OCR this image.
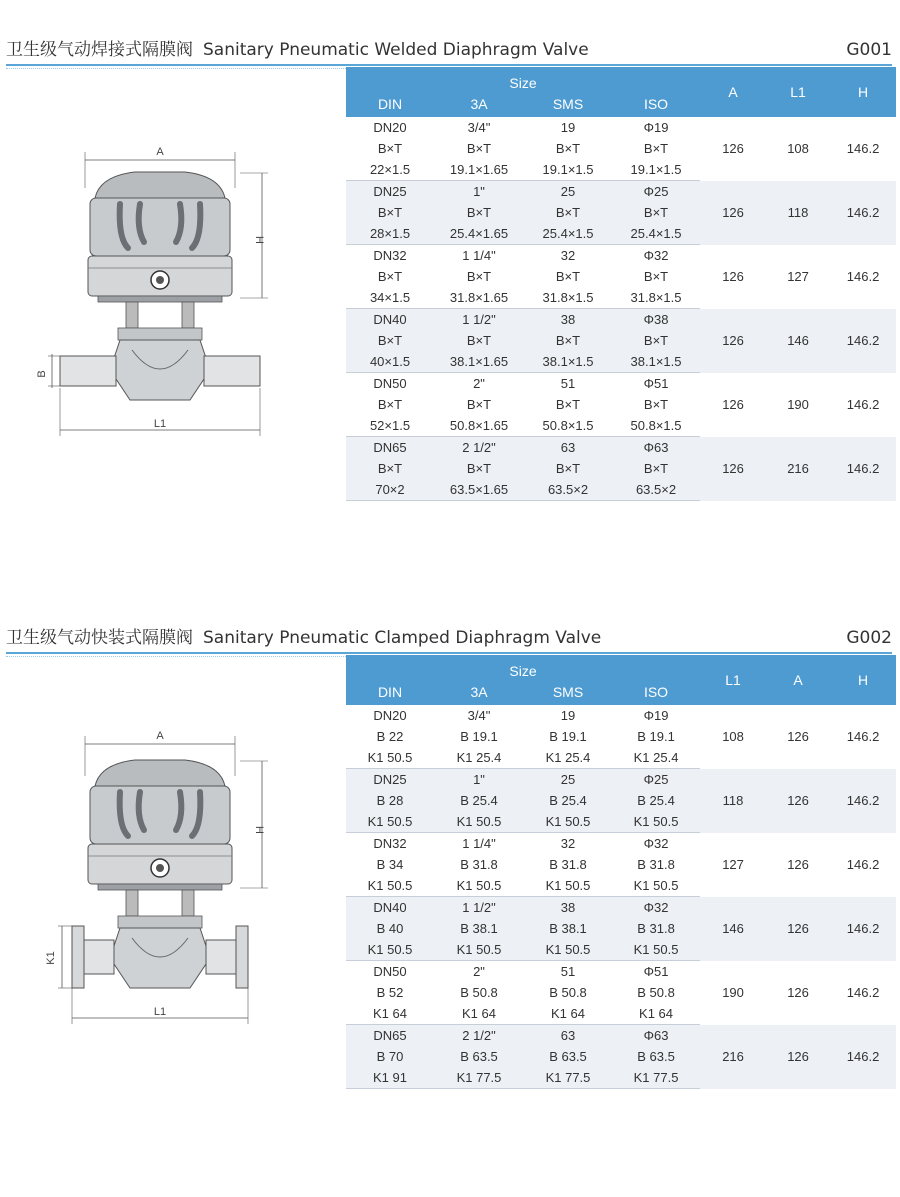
卫生级气动焊接式隔膜阀 Sanitary Pneumatic Welded Diaphragm Valve	G001
A
H
B
L1
Size				A	L1	H
DIN	3A	SMS	ISO			
DN20	3/4"	19	Φ19	126	108	146.2
B×T	B×T	B×T	B×T			
22×1.5	19.1×1.65	19.1×1.5	19.1×1.5			
DN25	1"	25	Φ25	126	118	146.2
B×T	B×T	B×T	B×T			
28×1.5	25.4×1.65	25.4×1.5	25.4×1.5			
DN32	1 1/4"	32	Φ32	126	127	146.2
B×T	B×T	B×T	B×T			
34×1.5	31.8×1.65	31.8×1.5	31.8×1.5			
DN40	1 1/2"	38	Φ38	126	146	146.2
B×T	B×T	B×T	B×T			
40×1.5	38.1×1.65	38.1×1.5	38.1×1.5			
DN50	2"	51	Φ51	126	190	146.2
B×T	B×T	B×T	B×T			
52×1.5	50.8×1.65	50.8×1.5	50.8×1.5			
DN65	2 1/2"	63	Φ63	126	216	146.2
B×T	B×T	B×T	B×T			
70×2	63.5×1.65	63.5×2	63.5×2			
卫生级气动快装式隔膜阀 Sanitary Pneumatic Clamped Diaphragm Valve	G002
A
H
K1
L1
Size				L1	A	H
DIN	3A	SMS	ISO			
DN20	3/4"	19	Φ19	108	126	146.2
B 22	B 19.1	B 19.1	B 19.1			
K1 50.5	K1 25.4	K1 25.4	K1 25.4			
DN25	1"	25	Φ25	118	126	146.2
B 28	B 25.4	B 25.4	B 25.4			
K1 50.5	K1 50.5	K1 50.5	K1 50.5			
DN32	1 1/4"	32	Φ32	127	126	146.2
B 34	B 31.8	B 31.8	B 31.8			
K1 50.5	K1 50.5	K1 50.5	K1 50.5			
DN40	1 1/2"	38	Φ32	146	126	146.2
B 40	B 38.1	B 38.1	B 31.8			
K1 50.5	K1 50.5	K1 50.5	K1 50.5			
DN50	2"	51	Φ51	190	126	146.2
B 52	B 50.8	B 50.8	B 50.8			
K1 64	K1 64	K1 64	K1 64			
DN65	2 1/2"	63	Φ63	216	126	146.2
B 70	B 63.5	B 63.5	B 63.5			
K1 91	K1 77.5	K1 77.5	K1 77.5			
